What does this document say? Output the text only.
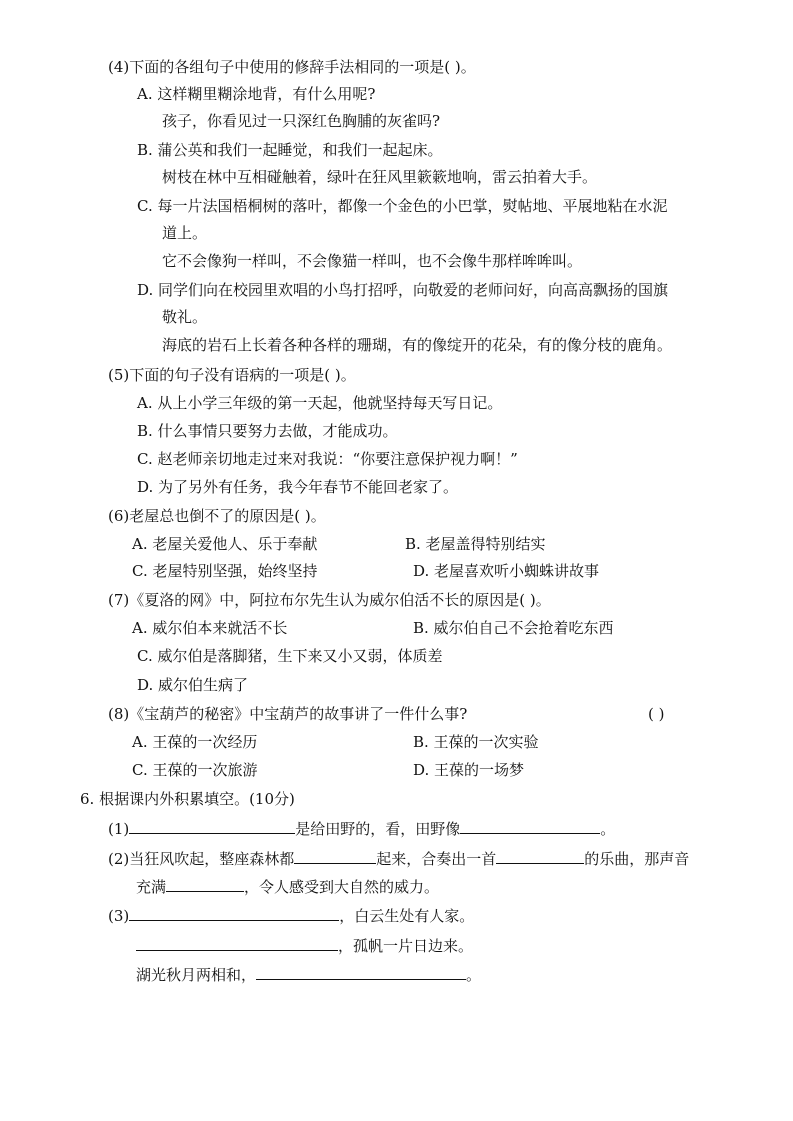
(4)下面的各组句子中使用的修辞手法相同的一项是( )。
A. 这样糊里糊涂地背，有什么用呢?
孩子，你看见过一只深红色胸脯的灰雀吗?
B. 蒲公英和我们一起睡觉，和我们一起起床。
树枝在林中互相碰触着，绿叶在狂风里簌簌地响，雷云拍着大手。
C. 每一片法国梧桐树的落叶，都像一个金色的小巴掌，熨帖地、平展地粘在水泥
道上。
它不会像狗一样叫，不会像猫一样叫，也不会像牛那样哞哞叫。
D. 同学们向在校园里欢唱的小鸟打招呼，向敬爱的老师问好，向高高飘扬的国旗
敬礼。
海底的岩石上长着各种各样的珊瑚，有的像绽开的花朵，有的像分枝的鹿角。
(5)下面的句子没有语病的一项是( )。
A. 从上小学三年级的第一天起，他就坚持每天写日记。
B. 什么事情只要努力去做，才能成功。
C. 赵老师亲切地走过来对我说：“你要注意保护视力啊！”
D. 为了另外有任务，我今年春节不能回老家了。
(6)老屋总也倒不了的原因是( )。
A. 老屋关爱他人、乐于奉献	B. 老屋盖得特别结实
C. 老屋特别坚强，始终坚持	D. 老屋喜欢听小蜘蛛讲故事
(7)《夏洛的网》中，阿拉布尔先生认为威尔伯活不长的原因是( )。
A. 威尔伯本来就活不长	B. 威尔伯自己不会抢着吃东西
C. 威尔伯是落脚猪，生下来又小又弱，体质差
D. 威尔伯生病了
(8)《宝葫芦的秘密》中宝葫芦的故事讲了一件什么事?	( )
A. 王葆的一次经历	B. 王葆的一次实验
C. 王葆的一次旅游	D. 王葆的一场梦
6. 根据课内外积累填空。(10分)
(1)	是给田野的，看，田野像	。
(2)当狂风吹起，整座森林都	起来，合奏出一首	的乐曲，那声音
充满	，令人感受到大自然的威力。
(3)	，白云生处有人家。
，孤帆一片日边来。
湖光秋月两相和，	。
